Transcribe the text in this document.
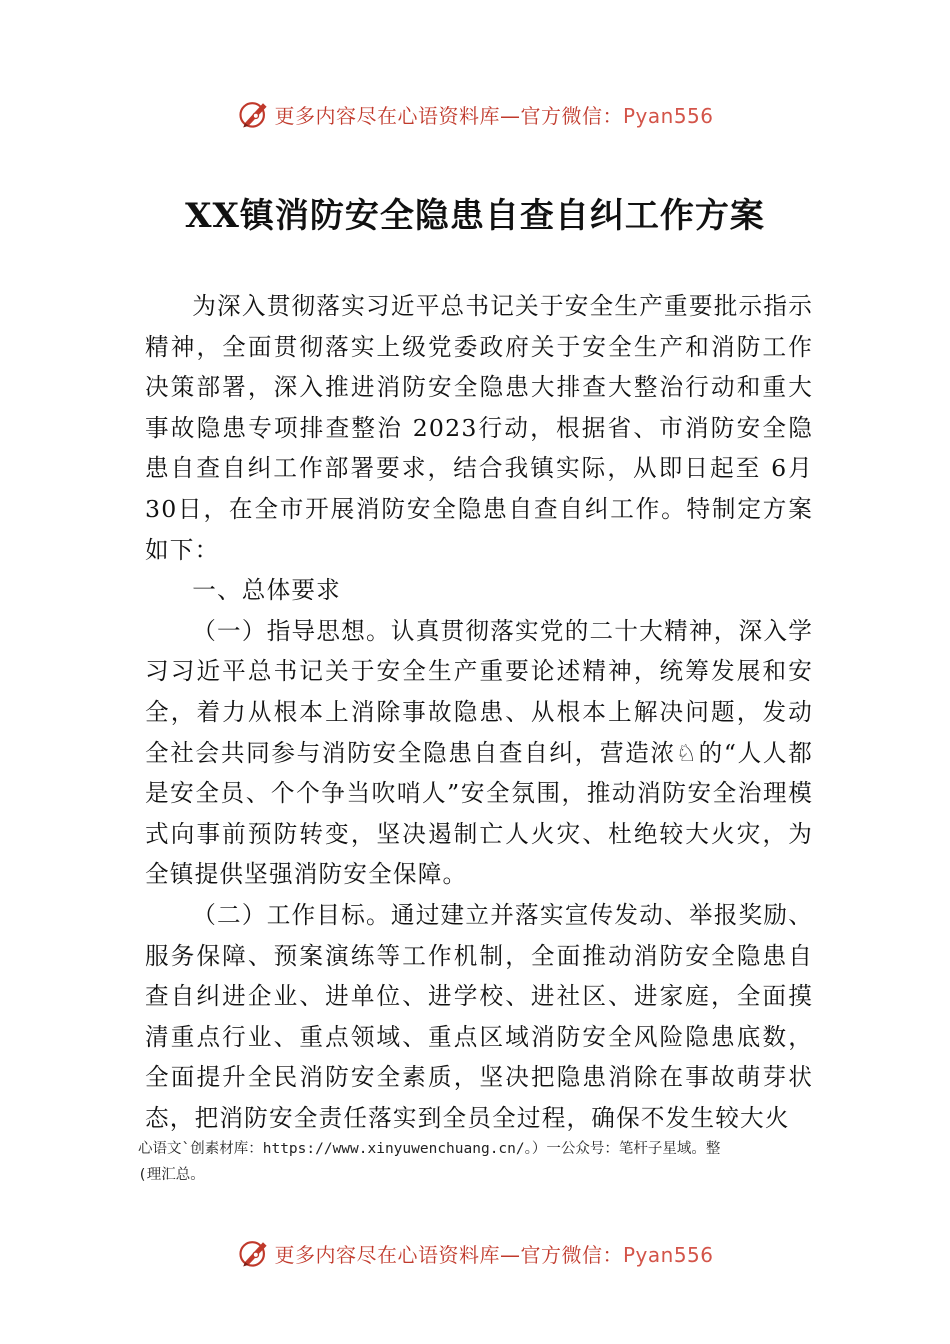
更多内容尽在心语资料库—官方微信：Pyan556
XX镇消防安全隐患自查自纠工作方案

为深入贯彻落实习近平总书记关于安全生产重要批示指示精神，全面贯彻落实上级党委政府关于安全生产和消防工作决策部署，深入推进消防安全隐患大排查大整治行动和重大事故隐患专项排查整治 2023行动，根据省、市消防安全隐患自查自纠工作部署要求，结合我镇实际，从即日起至 6月 30日，在全市开展消防安全隐患自查自纠工作。特制定方案如下：

一、总体要求

（一）指导思想。认真贯彻落实党的二十大精神，深入学习习近平总书记关于安全生产重要论述精神，统筹发展和安全，着力从根本上消除事故隐患、从根本上解决问题，发动全社会共同参与消防安全隐患自查自纠，营造浓♘的“人人都是安全员、个个争当吹哨人”安全氛围，推动消防安全治理模式向事前预防转变，坚决遏制亡人火灾、杜绝较大火灾，为全镇提供坚强消防安全保障。

（二）工作目标。通过建立并落实宣传发动、举报奖励、服务保障、预案演练等工作机制，全面推动消防安全隐患自查自纠进企业、进单位、进学校、进社区、进家庭，全面摸清重点行业、重点领域、重点区域消防安全风险隐患底数， 全面提升全民消防安全素质，坚决把隐患消除在事故萌芽状态，把消防安全责任落实到全员全过程，确保不发生较大火

心语文`创素材库：https://www.xinyuwenchuang.cn/。）一公众号：笔杆子星域。整
(理汇总。
更多内容尽在心语资料库—官方微信：Pyan556
